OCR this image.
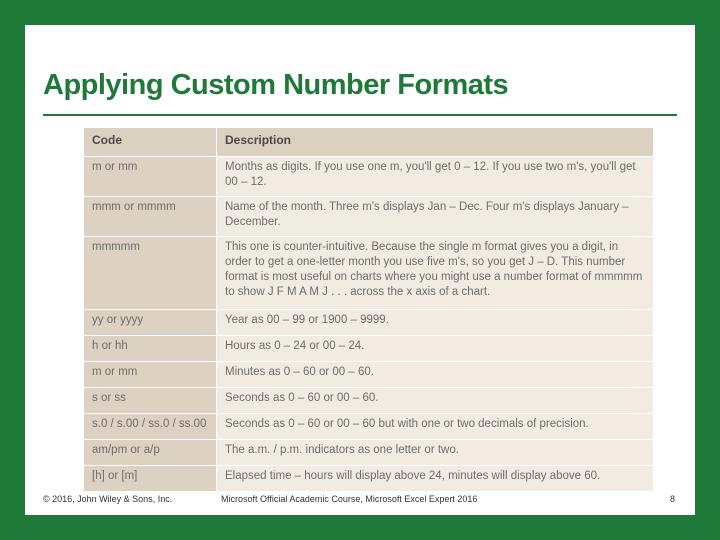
Applying Custom Number Formats
Code	Description
m or mm	Months as digits. If you use one m, you'll get 0 – 12. If you use two m's, you'll get 00 – 12.
mmm or mmmm	Name of the month. Three m's displays Jan – Dec. Four m's displays January – December.
mmmmm	This one is counter-intuitive. Because the single m format gives you a digit, in order to get a one-letter month you use five m's, so you get J – D. This number format is most useful on charts where you might use a number format of mmmmm to show J F M A M J . . . across the x axis of a chart.
yy or yyyy	Year as 00 – 99 or 1900 – 9999.
h or hh	Hours as 0 – 24 or 00 – 24.
m or mm	Minutes as 0 – 60 or 00 – 60.
s or ss	Seconds as 0 – 60 or 00 – 60.
s.0 / s.00 / ss.0 / ss.00	Seconds as 0 – 60 or 00 – 60 but with one or two decimals of precision.
am/pm or a/p	The a.m. / p.m. indicators as one letter or two.
[h] or [m]	Elapsed time – hours will display above 24, minutes will display above 60.
© 2016, John Wiley & Sons, Inc.	Microsoft Official Academic Course, Microsoft Excel Expert 2016	8
